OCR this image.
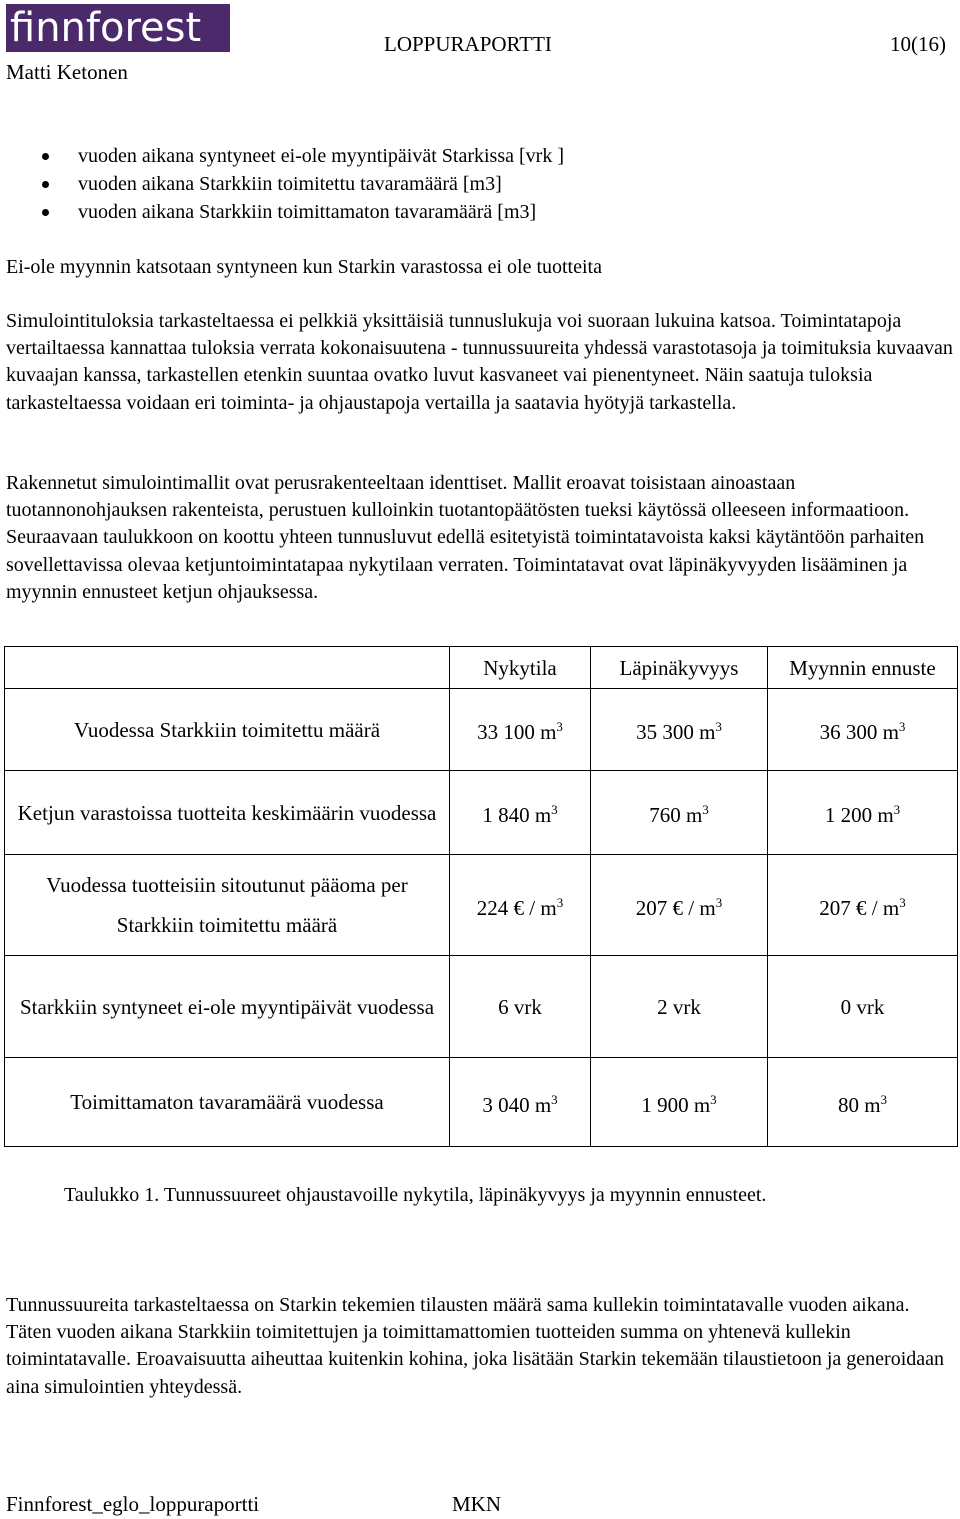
finnforest	LOPPURAPORTTI	10(16)
Matti Ketonen
vuoden aikana syntyneet ei-ole myyntipäivät Starkissa [vrk ]
vuoden aikana Starkkiin toimitettu tavaramäärä [m3]
vuoden aikana Starkkiin toimittamaton tavaramäärä [m3]

Ei-ole myynnin katsotaan syntyneen kun Starkin varastossa ei ole tuotteita

Simulointituloksia tarkasteltaessa ei pelkkiä yksittäisiä tunnuslukuja voi suoraan lukuina katsoa. Toimintatapoja vertailtaessa kannattaa tuloksia verrata kokonaisuutena - tunnussuureita yhdessä varastotasoja ja toimituksia kuvaavan kuvaajan kanssa, tarkastellen etenkin suuntaa ovatko luvut kasvaneet vai pienentyneet. Näin saatuja tuloksia tarkasteltaessa voidaan eri toiminta- ja ohjaustapoja vertailla ja saatavia hyötyjä tarkastella.

Rakennetut simulointimallit ovat perusrakenteeltaan identtiset. Mallit eroavat toisistaan ainoastaan tuotannonohjauksen rakenteista, perustuen kulloinkin tuotantopäätösten tueksi käytössä olleeseen informaatioon. Seuraavaan taulukkoon on koottu yhteen tunnusluvut edellä esitetyistä toimintatavoista kaksi käytäntöön parhaiten sovellettavissa olevaa ketjuntoimintatapaa nykytilaan verraten. Toimintatavat ovat läpinäkyvyyden lisääminen ja myynnin ennusteet ketjun ohjauksessa.

	Nykytila	Läpinäkyvyys	Myynnin ennuste
Vuodessa Starkkiin toimitettu määrä	33 100 $m^3$	35 300 $m^3$	36 300 $m^3$
Ketjun varastoissa tuotteita keskimäärin vuodessa	1 840 $m^3$	760 $m^3$	1 200 $m^3$
Vuodessa tuotteisiin sitoutunut pääoma per Starkkiin toimitettu määrä	224 € / $m^3$	207 € / $m^3$	207 € / $m^3$
Starkkiin syntyneet ei-ole myyntipäivät vuodessa	6 vrk	2 vrk	0 vrk
Toimittamaton tavaramäärä vuodessa	3 040 $m^3$	1 900 $m^3$	80 $m^3$
Taulukko 1. Tunnussuureet ohjaustavoille nykytila, läpinäkyvyys ja myynnin ennusteet.

Tunnussuureita tarkasteltaessa on Starkin tekemien tilausten määrä sama kullekin toimintatavalle vuoden aikana. Täten vuoden aikana Starkkiin toimitettujen ja toimittamattomien tuotteiden summa on yhtenevä kullekin toimintatavalle. Eroavaisuutta aiheuttaa kuitenkin kohina, joka lisätään Starkin tekemään tilaustietoon ja generoidaan aina simulointien yhteydessä.

Finnforest_eglo_loppuraportti	MKN
